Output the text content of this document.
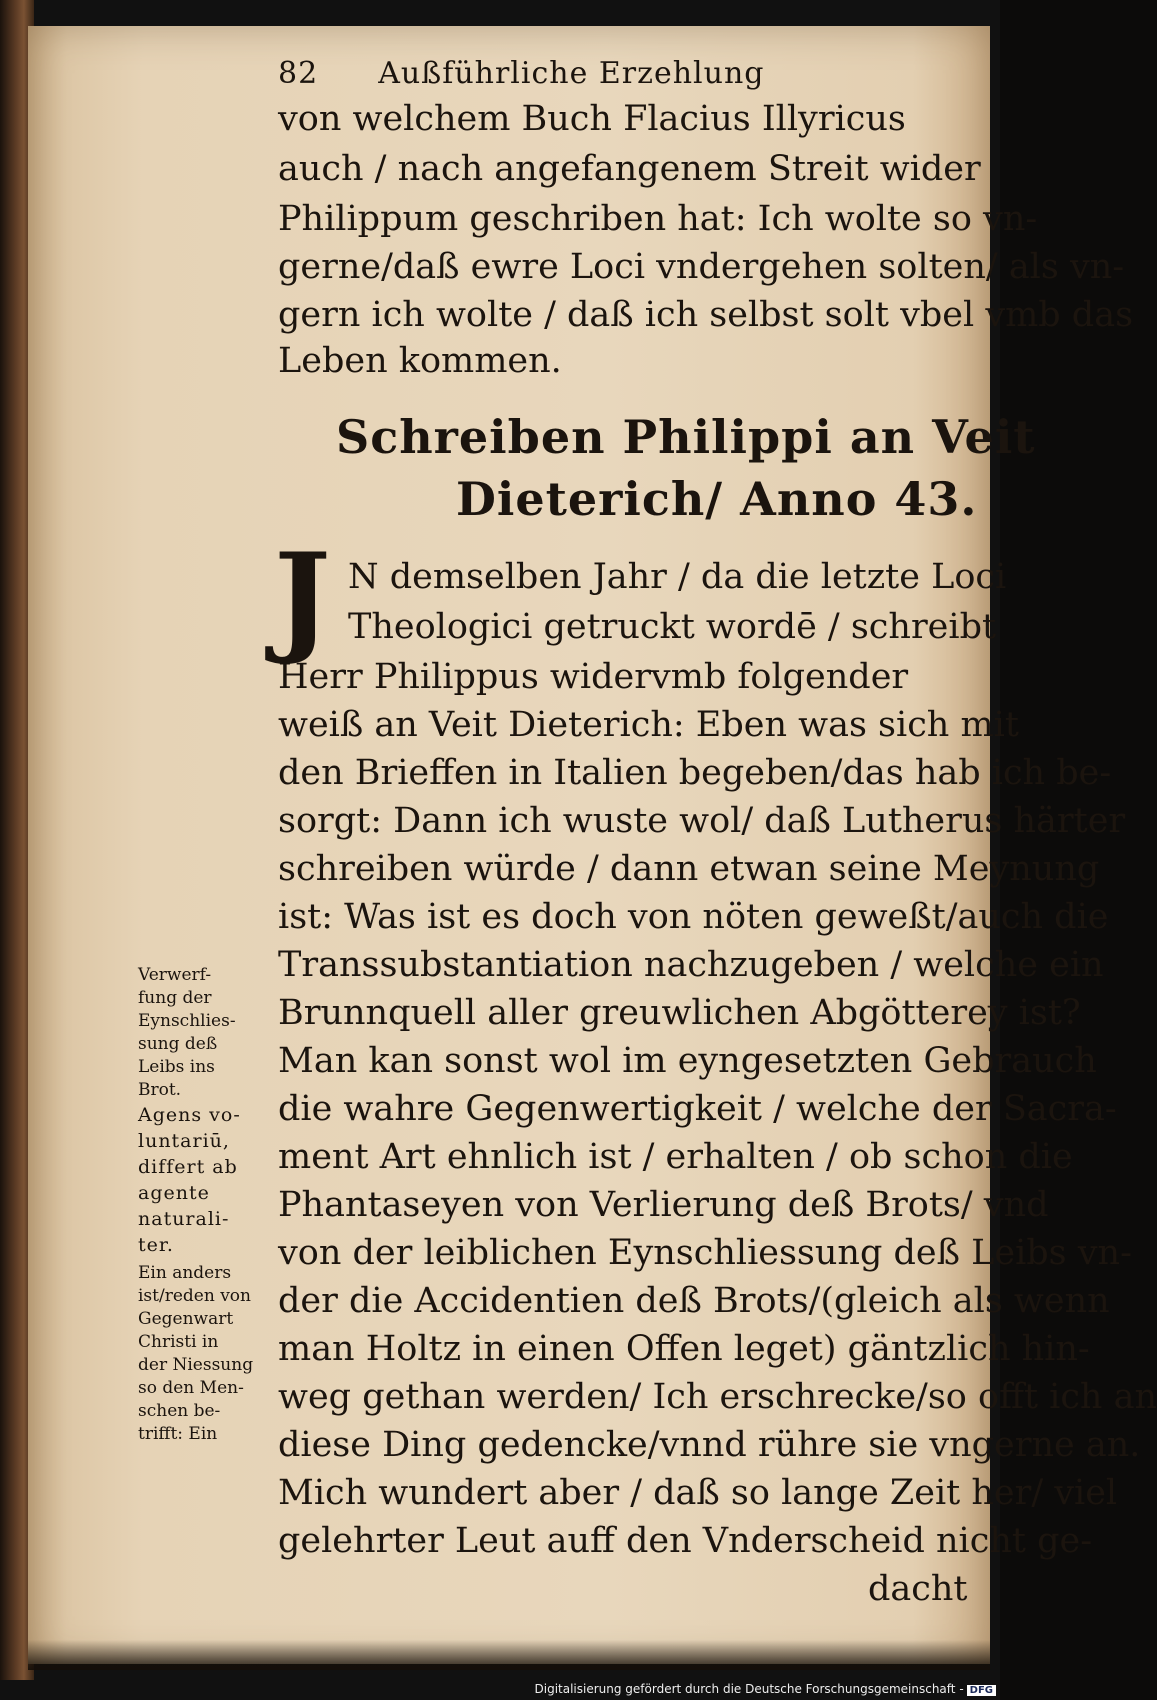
82 Außführliche Erzehlung
von welchem Buch Flacius Illyricus
auch / nach angefangenem Streit wider
Philippum geschriben hat: Ich wolte so vn-
gerne/daß ewre Loci vndergehen solten/ als vn-
gern ich wolte / daß ich selbst solt vbel vmb das
Leben kommen.
Schreiben Philippi an Veit
Dieterich/ Anno 43.
J N demselben Jahr / da die letzte Loci
Theologici getruckt wordē / schreibt
Herr Philippus widervmb folgender
weiß an Veit Dieterich: Eben was sich mit
den Brieffen in Italien begeben/das hab ich be-
sorgt: Dann ich wuste wol/ daß Lutherus härter
schreiben würde / dann etwan seine Meynung
ist: Was ist es doch von nöten geweßt/auch die
Transsubstantiation nachzugeben / welche ein
Brunnquell aller greuwlichen Abgötterey ist?
Man kan sonst wol im eyngesetzten Gebrauch
die wahre Gegenwertigkeit / welche der Sacra-
ment Art ehnlich ist / erhalten / ob schon die
Phantaseyen von Verlierung deß Brots/ vnd
von der leiblichen Eynschliessung deß Leibs vn-
der die Accidentien deß Brots/(gleich als wenn
man Holtz in einen Offen leget) gäntzlich hin-
weg gethan werden/ Ich erschrecke/so offt ich an
diese Ding gedencke/vnnd rühre sie vngerne an.
Mich wundert aber / daß so lange Zeit her/ viel
gelehrter Leut auff den Vnderscheid nicht ge-
dacht
Verwerf-
fung der
Eynschlies-
sung deß
Leibs ins
Brot.
Agens vo-
luntariū,
differt ab
agente
naturali-
ter.
Ein anders
ist/reden von
Gegenwart
Christi in
der Niessung
so den Men-
schen be-
trifft: Ein
Digitalisierung gefördert durch die Deutsche Forschungsgemeinschaft - DFG
